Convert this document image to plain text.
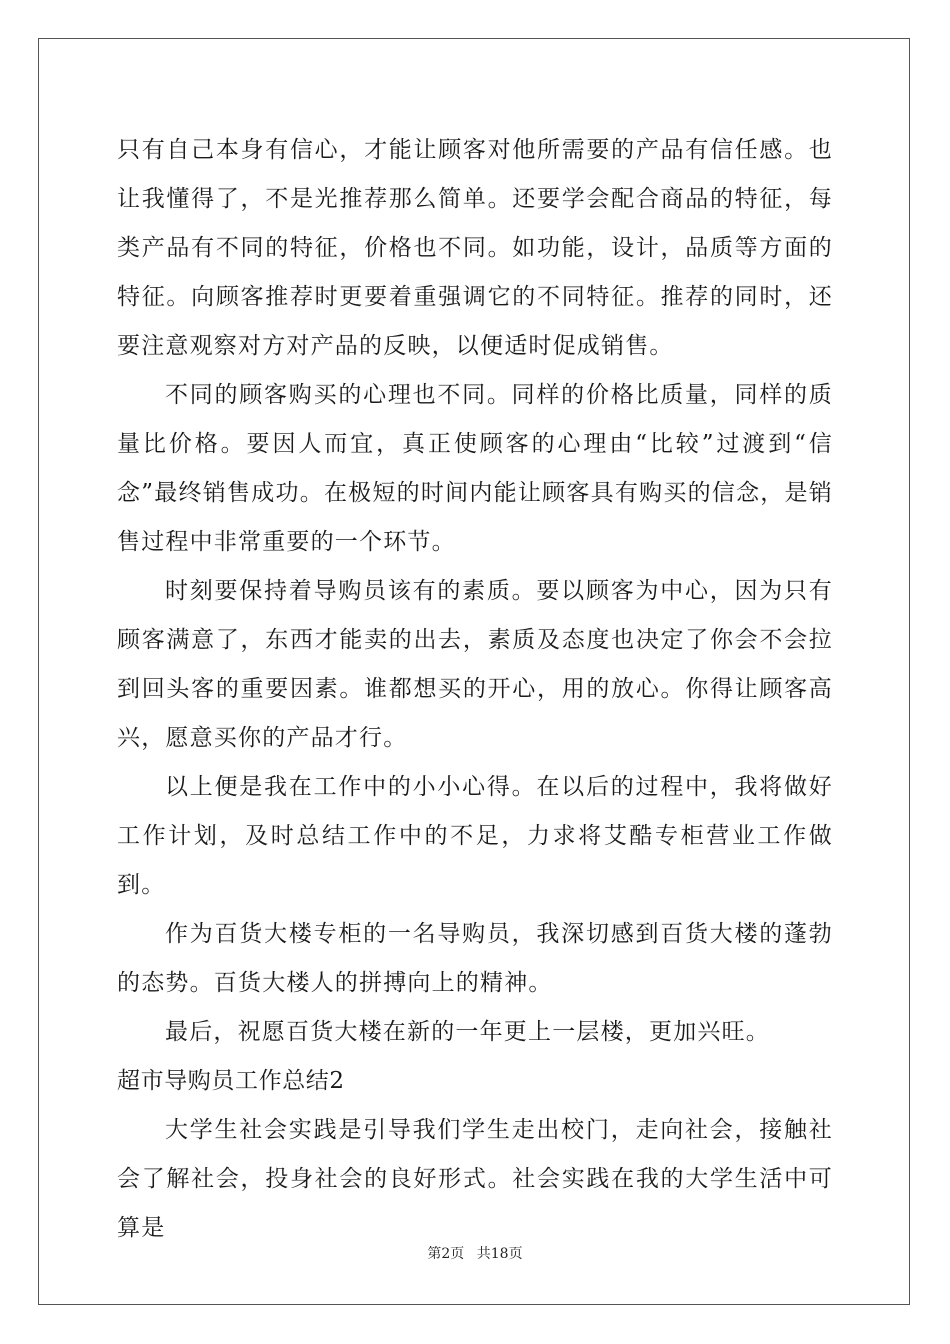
只有自己本身有信心，才能让顾客对他所需要的产品有信任感。也让我懂得了，不是光推荐那么简单。还要学会配合商品的特征，每类产品有不同的特征，价格也不同。如功能，设计，品质等方面的特征。向顾客推荐时更要着重强调它的不同特征。推荐的同时，还要注意观察对方对产品的反映，以便适时促成销售。

不同的顾客购买的心理也不同。同样的价格比质量，同样的质量比价格。要因人而宜，真正使顾客的心理由“比较”过渡到“信念”最终销售成功。在极短的时间内能让顾客具有购买的信念，是销售过程中非常重要的一个环节。

时刻要保持着导购员该有的素质。要以顾客为中心，因为只有顾客满意了，东西才能卖的出去，素质及态度也决定了你会不会拉到回头客的重要因素。谁都想买的开心，用的放心。你得让顾客高兴，愿意买你的产品才行。

以上便是我在工作中的小小心得。在以后的过程中，我将做好工作计划，及时总结工作中的不足，力求将艾酷专柜营业工作做到。

作为百货大楼专柜的一名导购员，我深切感到百货大楼的蓬勃的态势。百货大楼人的拼搏向上的精神。

最后，祝愿百货大楼在新的一年更上一层楼，更加兴旺。

超市导购员工作总结2

大学生社会实践是引导我们学生走出校门，走向社会，接触社会了解社会，投身社会的良好形式。社会实践在我的大学生活中可算是

第2页 共18页
